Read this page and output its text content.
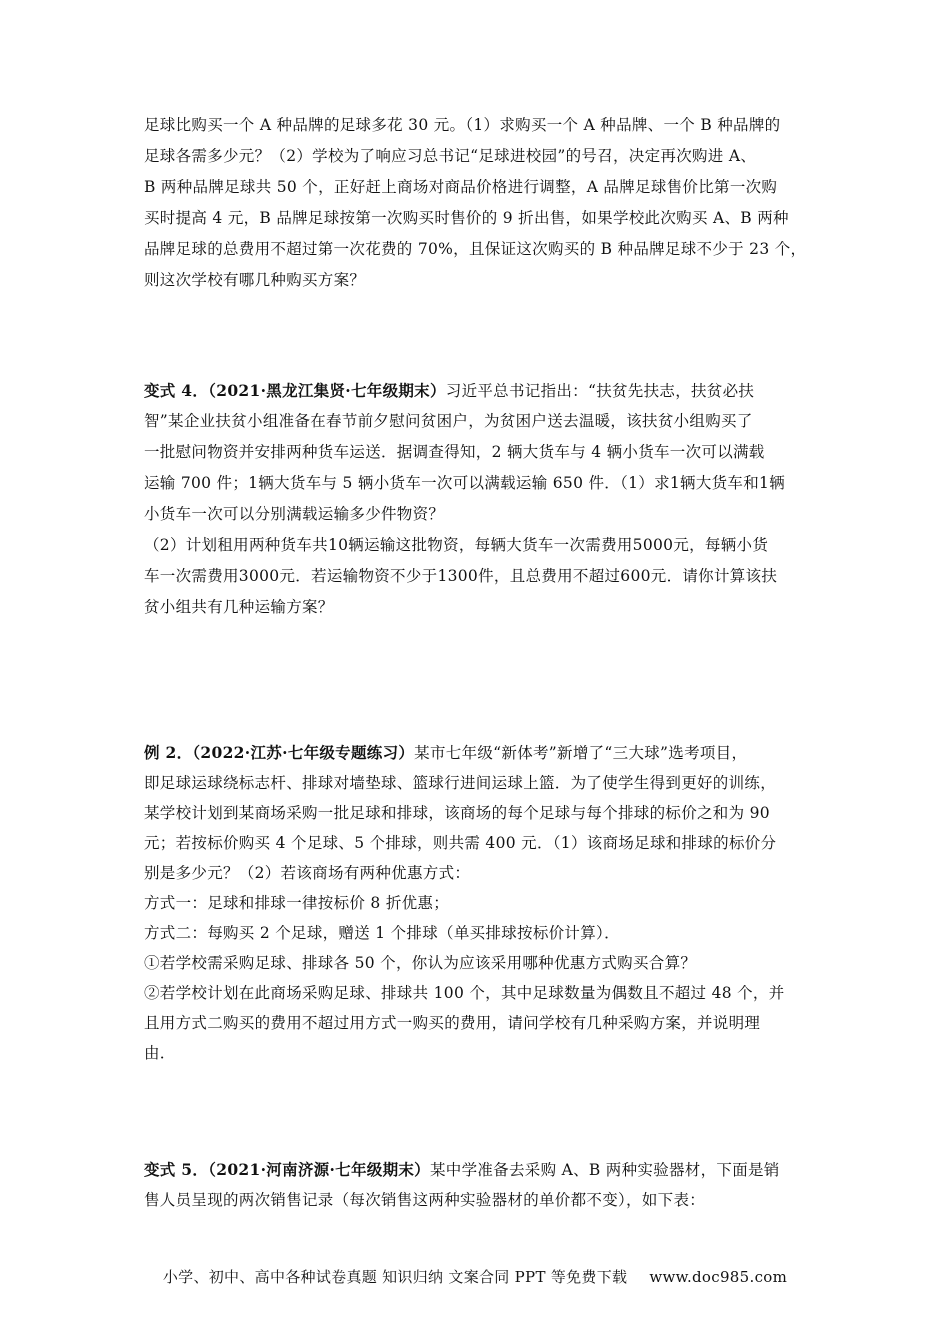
足球比购买一个 A 种品牌的足球多花 30 元。（1）求购买一个 A 种品牌、一个 B 种品牌的
足球各需多少元？（2）学校为了响应习总书记“足球进校园”的号召，决定再次购进 A、
B 两种品牌足球共 50 个，正好赶上商场对商品价格进行调整，A 品牌足球售价比第一次购
买时提高 4 元，B 品牌足球按第一次购买时售价的 9 折出售，如果学校此次购买 A、B 两种
品牌足球的总费用不超过第一次花费的 70%，且保证这次购买的 B 种品牌足球不少于 23 个，
则这次学校有哪几种购买方案？
变式 4．（2021·黑龙江集贤·七年级期末）习近平总书记指出：“扶贫先扶志，扶贫必扶
智”某企业扶贫小组准备在春节前夕慰问贫困户，为贫困户送去温暖，该扶贫小组购买了
一批慰问物资并安排两种货车运送．据调查得知，2 辆大货车与 4 辆小货车一次可以满载
运输 700 件；1辆大货车与 5 辆小货车一次可以满载运输 650 件．（1）求1辆大货车和1辆
小货车一次可以分别满载运输多少件物资？
（2）计划租用两种货车共10辆运输这批物资，每辆大货车一次需费用5000元，每辆小货
车一次需费用3000元．若运输物资不少于1300件，且总费用不超过600元．请你计算该扶
贫小组共有几种运输方案？
例 2．（2022·江苏·七年级专题练习）某市七年级“新体考”新增了“三大球”选考项目，
即足球运球绕标志杆、排球对墙垫球、篮球行进间运球上篮．为了使学生得到更好的训练，
某学校计划到某商场采购一批足球和排球，该商场的每个足球与每个排球的标价之和为 90
元；若按标价购买 4 个足球、5 个排球，则共需 400 元．（1）该商场足球和排球的标价分
别是多少元？（2）若该商场有两种优惠方式：
方式一：足球和排球一律按标价 8 折优惠；
方式二：每购买 2 个足球，赠送 1 个排球（单买排球按标价计算）．
①若学校需采购足球、排球各 50 个，你认为应该采用哪种优惠方式购买合算？
②若学校计划在此商场采购足球、排球共 100 个，其中足球数量为偶数且不超过 48 个，并
且用方式二购买的费用不超过用方式一购买的费用，请问学校有几种采购方案，并说明理
由．
变式 5．（2021·河南济源·七年级期末）某中学准备去采购 A、B 两种实验器材，下面是销
售人员呈现的两次销售记录（每次销售这两种实验器材的单价都不变），如下表：
小学、初中、高中各种试卷真题 知识归纳 文案合同 PPT 等免费下载 www.doc985.com
